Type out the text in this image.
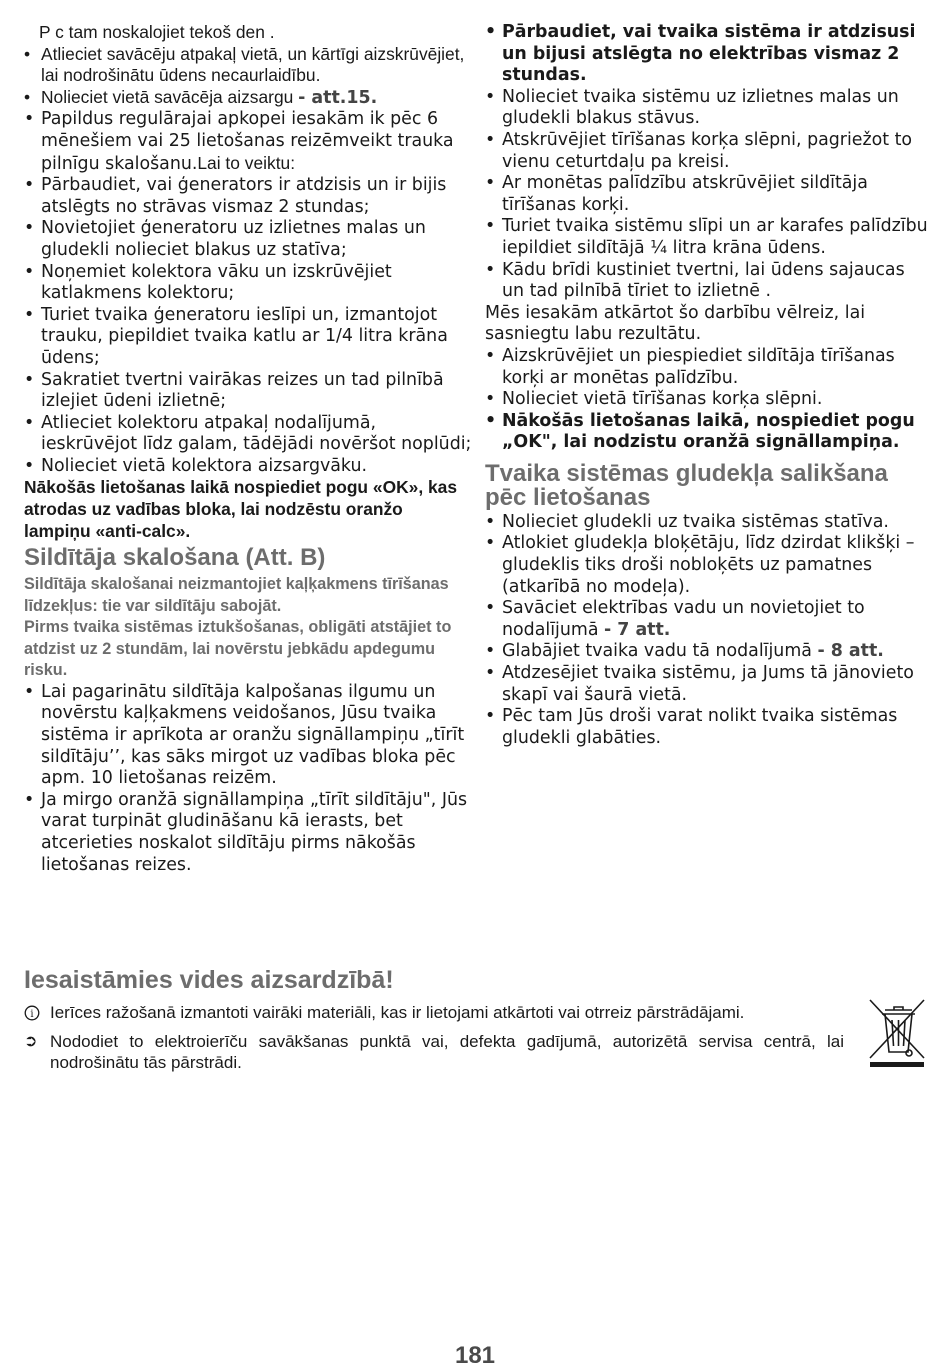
P c tam noskalojiet tekoš den .

• Atlieciet savācēju atpakaļ vietā, un kārtīgi aizskrūvējiet, lai nodrošinātu ūdens necaurlaidību.
• Nolieciet vietā savācēja aizsargu - att.15.
• Papildus regulārajai apkopei iesakām ik pēc 6 mēnešiem vai 25 lietošanas reizēmveikt trauka pilnīgu skalošanu.Lai to veiktu:
• Pārbaudiet, vai ģenerators ir atdzisis un ir bijis atslēgts no strāvas vismaz 2 stundas;
• Novietojiet ģeneratoru uz izlietnes malas un gludekli nolieciet blakus uz statīva;
• Noņemiet kolektora vāku un izskrūvējiet katlakmens kolektoru;
• Turiet tvaika ģeneratoru ieslīpi un, izmantojot trauku, piepildiet tvaika katlu ar 1/4 litra krāna ūdens;
• Sakratiet tvertni vairākas reizes un tad pilnībā izlejiet ūdeni izlietnē;
• Atlieciet kolektoru atpakaļ nodalījumā, ieskrūvējot līdz galam, tādējādi novēršot noplūdi;
• Nolieciet vietā kolektora aizsargvāku.

Nākošās lietošanas laikā nospiediet pogu «OK», kas atrodas uz vadības bloka, lai nodzēstu oranžo lampiņu «anti-calc».

Sildītāja skalošana (Att. B)

Sildītāja skalošanai neizmantojiet kaļķakmens tīrīšanas līdzekļus: tie var sildītāju sabojāt.

Pirms tvaika sistēmas iztukšošanas, obligāti atstājiet to atdzist uz 2 stundām, lai novērstu jebkādu apdegumu risku.

• Lai pagarinātu sildītāja kalpošanas ilgumu un novērstu kaļķakmens veidošanos, Jūsu tvaika sistēma ir aprīkota ar oranžu signāllampiņu „tīrīt sildītāju’’, kas sāks mirgot uz vadības bloka pēc apm. 10 lietošanas reizēm.
• Ja mirgo oranžā signāllampiņa „tīrīt sildītāju", Jūs varat turpināt gludināšanu kā ierasts, bet atcerieties noskalot sildītāju pirms nākošās lietošanas reizes.
• Pārbaudiet, vai tvaika sistēma ir atdzisusi un bijusi atslēgta no elektrības vismaz 2 stundas.
• Nolieciet tvaika sistēmu uz izlietnes malas un gludekli blakus stāvus.
• Atskrūvējiet tīrīšanas korķa slēpni, pagriežot to vienu ceturtdaļu pa kreisi.
• Ar monētas palīdzību atskrūvējiet sildītāja tīrīšanas korķi.
• Turiet tvaika sistēmu slīpi un ar karafes palīdzību iepildiet sildītājā ¼ litra krāna ūdens.
• Kādu brīdi kustiniet tvertni, lai ūdens sajaucas un tad pilnībā tīriet to izlietnē .

Mēs iesakām atkārtot šo darbību vēlreiz, lai sasniegtu labu rezultātu.

• Aizskrūvējiet un piespiediet sildītāja tīrīšanas korķi ar monētas palīdzību.
• Nolieciet vietā tīrīšanas korķa slēpni.
• Nākošās lietošanas laikā, nospiediet pogu „OK", lai nodzistu oranžā signāllampiņa.
Tvaika sistēmas gludekļa salikšana pēc lietošanas
• Nolieciet gludekli uz tvaika sistēmas statīva.
• Atlokiet gludekļa bloķētāju, līdz dzirdat klikšķi – gludeklis tiks droši nobloķēts uz pamatnes (atkarībā no modeļa).
• Savāciet elektrības vadu un novietojiet to nodalījumā - 7 att.
• Glabājiet tvaika vadu tā nodalījumā - 8 att.
• Atdzesējiet tvaika sistēmu, ja Jums tā jānovieto skapī vai šaurā vietā.
• Pēc tam Jūs droši varat nolikt tvaika sistēmas gludekli glabāties.
Iesaistāmies vides aizsardzībā!
i Ierīces ražošanā izmantoti vairāki materiāli, kas ir lietojami atkārtoti vai otrreiz pārstrādājami.
➲ Nododiet to elektroierīču savākšanas punktā vai, defekta gadījumā, autorizētā servisa centrā, lai nodrošinātu tās pārstrādi.
181
